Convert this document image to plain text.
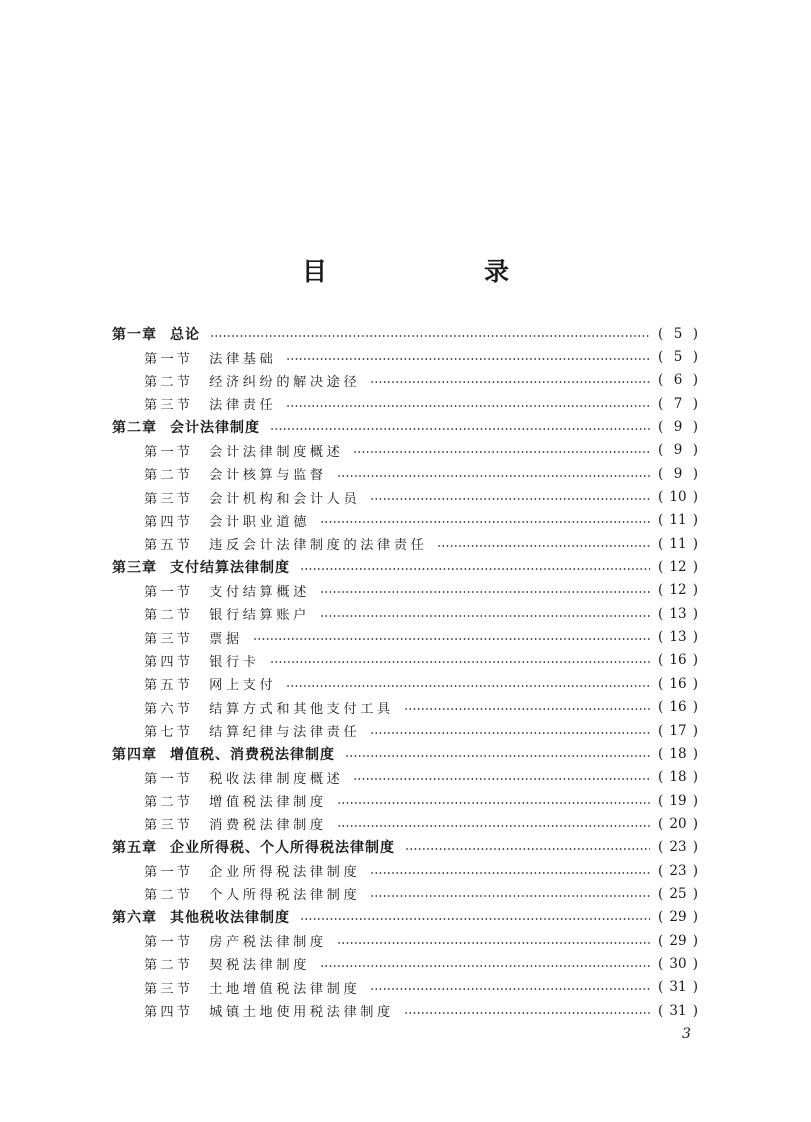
目　录
第一章 总论	( 5 )
第一节 法律基础	( 5 )
第二节 经济纠纷的解决途径	( 6 )
第三节 法律责任	( 7 )
第二章 会计法律制度	( 9 )
第一节 会计法律制度概述	( 9 )
第二节 会计核算与监督	( 9 )
第三节 会计机构和会计人员	( 10 )
第四节 会计职业道德	( 11 )
第五节 违反会计法律制度的法律责任	( 11 )
第三章 支付结算法律制度	( 12 )
第一节 支付结算概述	( 12 )
第二节 银行结算账户	( 13 )
第三节 票据	( 13 )
第四节 银行卡	( 16 )
第五节 网上支付	( 16 )
第六节 结算方式和其他支付工具	( 16 )
第七节 结算纪律与法律责任	( 17 )
第四章 增值税、消费税法律制度	( 18 )
第一节 税收法律制度概述	( 18 )
第二节 增值税法律制度	( 19 )
第三节 消费税法律制度	( 20 )
第五章 企业所得税、个人所得税法律制度	( 23 )
第一节 企业所得税法律制度	( 23 )
第二节 个人所得税法律制度	( 25 )
第六章 其他税收法律制度	( 29 )
第一节 房产税法律制度	( 29 )
第二节 契税法律制度	( 30 )
第三节 土地增值税法律制度	( 31 )
第四节 城镇土地使用税法律制度	( 31 )
3
